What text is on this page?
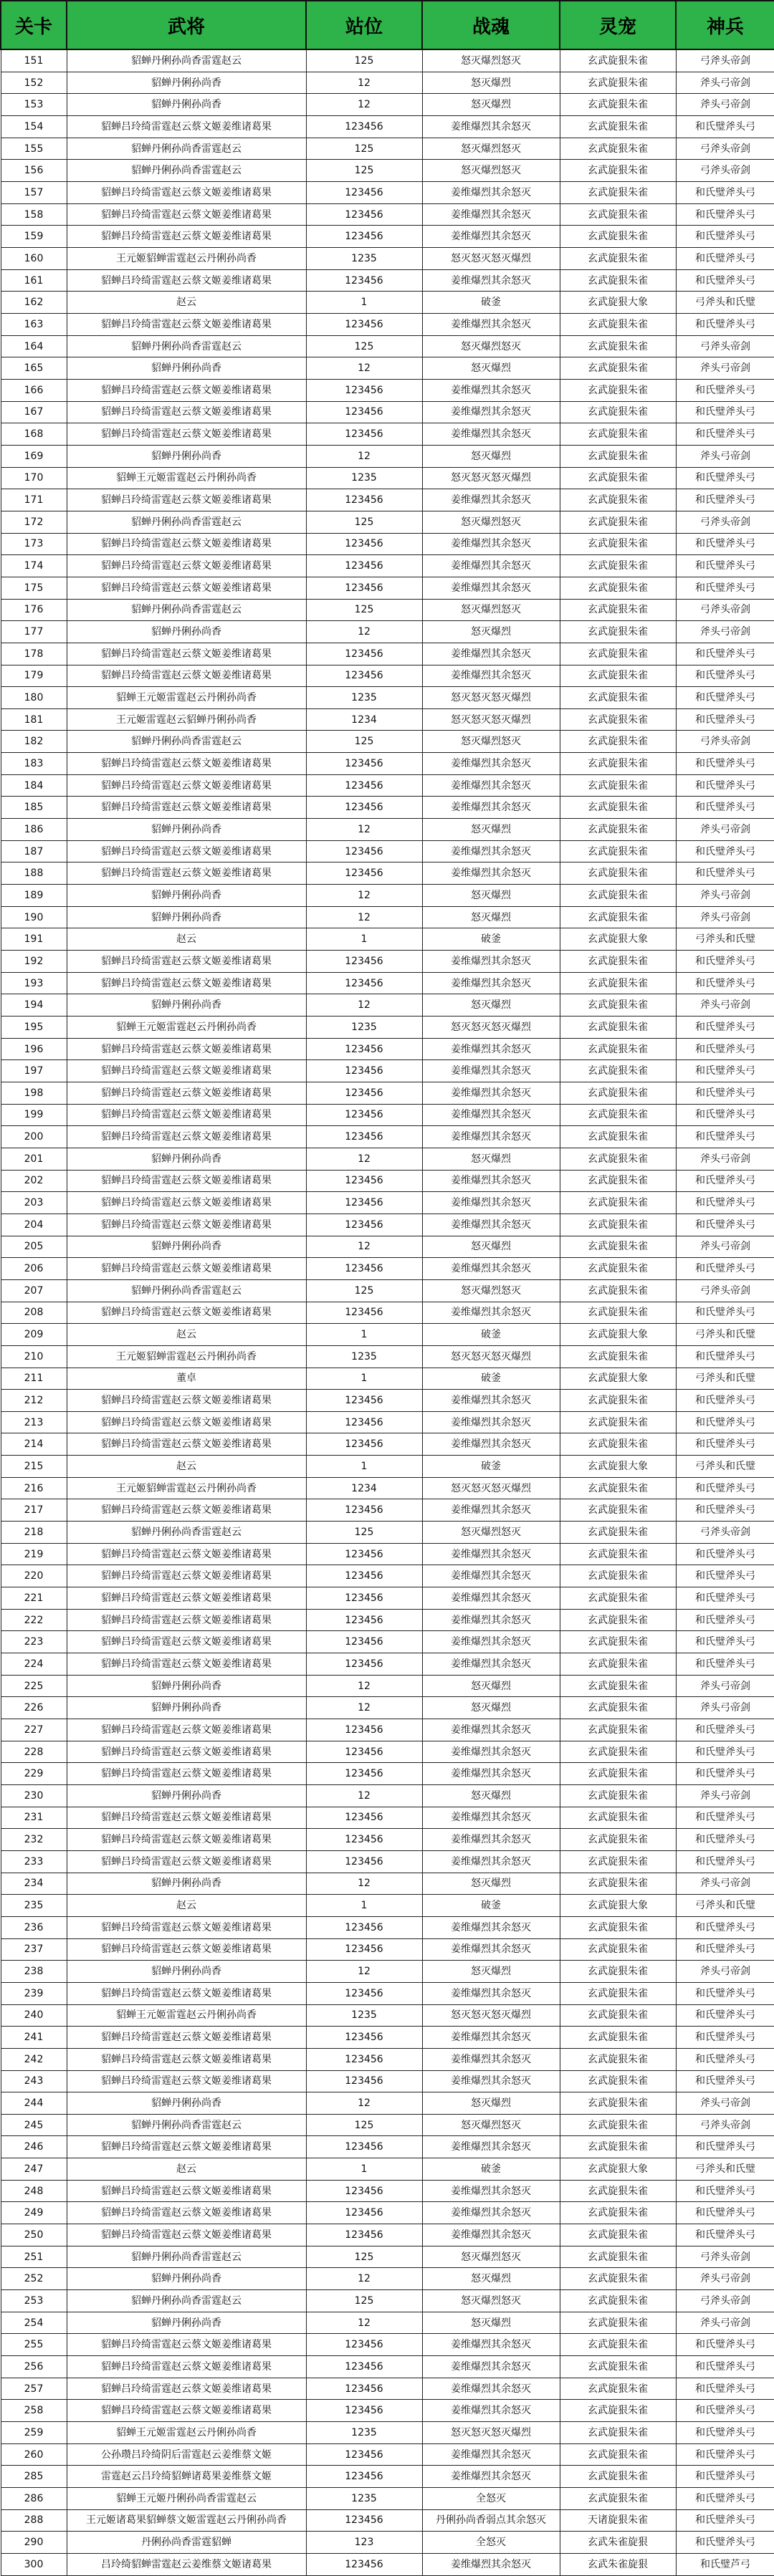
关卡	武将	站位	战魂	灵宠	神兵
151	貂蝉丹俐孙尚香雷霆赵云	125	怒灭爆烈怒灭	玄武旋狠朱雀	弓斧头帝剑
152	貂蝉丹俐孙尚香	12	怒灭爆烈	玄武旋狠朱雀	斧头弓帝剑
153	貂蝉丹俐孙尚香	12	怒灭爆烈	玄武旋狠朱雀	斧头弓帝剑
154	貂蝉吕玲绮雷霆赵云蔡文姬姜维诸葛果	123456	姜维爆烈其余怒灭	玄武旋狠朱雀	和氏璧斧头弓
155	貂蝉丹俐孙尚香雷霆赵云	125	怒灭爆烈怒灭	玄武旋狠朱雀	弓斧头帝剑
156	貂蝉丹俐孙尚香雷霆赵云	125	怒灭爆烈怒灭	玄武旋狠朱雀	弓斧头帝剑
157	貂蝉吕玲绮雷霆赵云蔡文姬姜维诸葛果	123456	姜维爆烈其余怒灭	玄武旋狠朱雀	和氏璧斧头弓
158	貂蝉吕玲绮雷霆赵云蔡文姬姜维诸葛果	123456	姜维爆烈其余怒灭	玄武旋狠朱雀	和氏璧斧头弓
159	貂蝉吕玲绮雷霆赵云蔡文姬姜维诸葛果	123456	姜维爆烈其余怒灭	玄武旋狠朱雀	和氏璧斧头弓
160	王元姬貂蝉雷霆赵云丹俐孙尚香	1235	怒灭怒灭怒灭爆烈	玄武旋狠朱雀	和氏璧斧头弓
161	貂蝉吕玲绮雷霆赵云蔡文姬姜维诸葛果	123456	姜维爆烈其余怒灭	玄武旋狠朱雀	和氏璧斧头弓
162	赵云	1	破釜	玄武旋狠大象	弓斧头和氏璧
163	貂蝉吕玲绮雷霆赵云蔡文姬姜维诸葛果	123456	姜维爆烈其余怒灭	玄武旋狠朱雀	和氏璧斧头弓
164	貂蝉丹俐孙尚香雷霆赵云	125	怒灭爆烈怒灭	玄武旋狠朱雀	弓斧头帝剑
165	貂蝉丹俐孙尚香	12	怒灭爆烈	玄武旋狠朱雀	斧头弓帝剑
166	貂蝉吕玲绮雷霆赵云蔡文姬姜维诸葛果	123456	姜维爆烈其余怒灭	玄武旋狠朱雀	和氏璧斧头弓
167	貂蝉吕玲绮雷霆赵云蔡文姬姜维诸葛果	123456	姜维爆烈其余怒灭	玄武旋狠朱雀	和氏璧斧头弓
168	貂蝉吕玲绮雷霆赵云蔡文姬姜维诸葛果	123456	姜维爆烈其余怒灭	玄武旋狠朱雀	和氏璧斧头弓
169	貂蝉丹俐孙尚香	12	怒灭爆烈	玄武旋狠朱雀	斧头弓帝剑
170	貂蝉王元姬雷霆赵云丹俐孙尚香	1235	怒灭怒灭怒灭爆烈	玄武旋狠朱雀	和氏璧斧头弓
171	貂蝉吕玲绮雷霆赵云蔡文姬姜维诸葛果	123456	姜维爆烈其余怒灭	玄武旋狠朱雀	和氏璧斧头弓
172	貂蝉丹俐孙尚香雷霆赵云	125	怒灭爆烈怒灭	玄武旋狠朱雀	弓斧头帝剑
173	貂蝉吕玲绮雷霆赵云蔡文姬姜维诸葛果	123456	姜维爆烈其余怒灭	玄武旋狠朱雀	和氏璧斧头弓
174	貂蝉吕玲绮雷霆赵云蔡文姬姜维诸葛果	123456	姜维爆烈其余怒灭	玄武旋狠朱雀	和氏璧斧头弓
175	貂蝉吕玲绮雷霆赵云蔡文姬姜维诸葛果	123456	姜维爆烈其余怒灭	玄武旋狠朱雀	和氏璧斧头弓
176	貂蝉丹俐孙尚香雷霆赵云	125	怒灭爆烈怒灭	玄武旋狠朱雀	弓斧头帝剑
177	貂蝉丹俐孙尚香	12	怒灭爆烈	玄武旋狠朱雀	斧头弓帝剑
178	貂蝉吕玲绮雷霆赵云蔡文姬姜维诸葛果	123456	姜维爆烈其余怒灭	玄武旋狠朱雀	和氏璧斧头弓
179	貂蝉吕玲绮雷霆赵云蔡文姬姜维诸葛果	123456	姜维爆烈其余怒灭	玄武旋狠朱雀	和氏璧斧头弓
180	貂蝉王元姬雷霆赵云丹俐孙尚香	1235	怒灭怒灭怒灭爆烈	玄武旋狠朱雀	和氏璧斧头弓
181	王元姬雷霆赵云貂蝉丹俐孙尚香	1234	怒灭怒灭怒灭爆烈	玄武旋狠朱雀	和氏璧斧头弓
182	貂蝉丹俐孙尚香雷霆赵云	125	怒灭爆烈怒灭	玄武旋狠朱雀	弓斧头帝剑
183	貂蝉吕玲绮雷霆赵云蔡文姬姜维诸葛果	123456	姜维爆烈其余怒灭	玄武旋狠朱雀	和氏璧斧头弓
184	貂蝉吕玲绮雷霆赵云蔡文姬姜维诸葛果	123456	姜维爆烈其余怒灭	玄武旋狠朱雀	和氏璧斧头弓
185	貂蝉吕玲绮雷霆赵云蔡文姬姜维诸葛果	123456	姜维爆烈其余怒灭	玄武旋狠朱雀	和氏璧斧头弓
186	貂蝉丹俐孙尚香	12	怒灭爆烈	玄武旋狠朱雀	斧头弓帝剑
187	貂蝉吕玲绮雷霆赵云蔡文姬姜维诸葛果	123456	姜维爆烈其余怒灭	玄武旋狠朱雀	和氏璧斧头弓
188	貂蝉吕玲绮雷霆赵云蔡文姬姜维诸葛果	123456	姜维爆烈其余怒灭	玄武旋狠朱雀	和氏璧斧头弓
189	貂蝉丹俐孙尚香	12	怒灭爆烈	玄武旋狠朱雀	斧头弓帝剑
190	貂蝉丹俐孙尚香	12	怒灭爆烈	玄武旋狠朱雀	斧头弓帝剑
191	赵云	1	破釜	玄武旋狠大象	弓斧头和氏璧
192	貂蝉吕玲绮雷霆赵云蔡文姬姜维诸葛果	123456	姜维爆烈其余怒灭	玄武旋狠朱雀	和氏璧斧头弓
193	貂蝉吕玲绮雷霆赵云蔡文姬姜维诸葛果	123456	姜维爆烈其余怒灭	玄武旋狠朱雀	和氏璧斧头弓
194	貂蝉丹俐孙尚香	12	怒灭爆烈	玄武旋狠朱雀	斧头弓帝剑
195	貂蝉王元姬雷霆赵云丹俐孙尚香	1235	怒灭怒灭怒灭爆烈	玄武旋狠朱雀	和氏璧斧头弓
196	貂蝉吕玲绮雷霆赵云蔡文姬姜维诸葛果	123456	姜维爆烈其余怒灭	玄武旋狠朱雀	和氏璧斧头弓
197	貂蝉吕玲绮雷霆赵云蔡文姬姜维诸葛果	123456	姜维爆烈其余怒灭	玄武旋狠朱雀	和氏璧斧头弓
198	貂蝉吕玲绮雷霆赵云蔡文姬姜维诸葛果	123456	姜维爆烈其余怒灭	玄武旋狠朱雀	和氏璧斧头弓
199	貂蝉吕玲绮雷霆赵云蔡文姬姜维诸葛果	123456	姜维爆烈其余怒灭	玄武旋狠朱雀	和氏璧斧头弓
200	貂蝉吕玲绮雷霆赵云蔡文姬姜维诸葛果	123456	姜维爆烈其余怒灭	玄武旋狠朱雀	和氏璧斧头弓
201	貂蝉丹俐孙尚香	12	怒灭爆烈	玄武旋狠朱雀	斧头弓帝剑
202	貂蝉吕玲绮雷霆赵云蔡文姬姜维诸葛果	123456	姜维爆烈其余怒灭	玄武旋狠朱雀	和氏璧斧头弓
203	貂蝉吕玲绮雷霆赵云蔡文姬姜维诸葛果	123456	姜维爆烈其余怒灭	玄武旋狠朱雀	和氏璧斧头弓
204	貂蝉吕玲绮雷霆赵云蔡文姬姜维诸葛果	123456	姜维爆烈其余怒灭	玄武旋狠朱雀	和氏璧斧头弓
205	貂蝉丹俐孙尚香	12	怒灭爆烈	玄武旋狠朱雀	斧头弓帝剑
206	貂蝉吕玲绮雷霆赵云蔡文姬姜维诸葛果	123456	姜维爆烈其余怒灭	玄武旋狠朱雀	和氏璧斧头弓
207	貂蝉丹俐孙尚香雷霆赵云	125	怒灭爆烈怒灭	玄武旋狠朱雀	弓斧头帝剑
208	貂蝉吕玲绮雷霆赵云蔡文姬姜维诸葛果	123456	姜维爆烈其余怒灭	玄武旋狠朱雀	和氏璧斧头弓
209	赵云	1	破釜	玄武旋狠大象	弓斧头和氏璧
210	王元姬貂蝉雷霆赵云丹俐孙尚香	1235	怒灭怒灭怒灭爆烈	玄武旋狠朱雀	和氏璧斧头弓
211	董卓	1	破釜	玄武旋狠大象	弓斧头和氏璧
212	貂蝉吕玲绮雷霆赵云蔡文姬姜维诸葛果	123456	姜维爆烈其余怒灭	玄武旋狠朱雀	和氏璧斧头弓
213	貂蝉吕玲绮雷霆赵云蔡文姬姜维诸葛果	123456	姜维爆烈其余怒灭	玄武旋狠朱雀	和氏璧斧头弓
214	貂蝉吕玲绮雷霆赵云蔡文姬姜维诸葛果	123456	姜维爆烈其余怒灭	玄武旋狠朱雀	和氏璧斧头弓
215	赵云	1	破釜	玄武旋狠大象	弓斧头和氏璧
216	王元姬貂蝉雷霆赵云丹俐孙尚香	1234	怒灭怒灭怒灭爆烈	玄武旋狠朱雀	和氏璧斧头弓
217	貂蝉吕玲绮雷霆赵云蔡文姬姜维诸葛果	123456	姜维爆烈其余怒灭	玄武旋狠朱雀	和氏璧斧头弓
218	貂蝉丹俐孙尚香雷霆赵云	125	怒灭爆烈怒灭	玄武旋狠朱雀	弓斧头帝剑
219	貂蝉吕玲绮雷霆赵云蔡文姬姜维诸葛果	123456	姜维爆烈其余怒灭	玄武旋狠朱雀	和氏璧斧头弓
220	貂蝉吕玲绮雷霆赵云蔡文姬姜维诸葛果	123456	姜维爆烈其余怒灭	玄武旋狠朱雀	和氏璧斧头弓
221	貂蝉吕玲绮雷霆赵云蔡文姬姜维诸葛果	123456	姜维爆烈其余怒灭	玄武旋狠朱雀	和氏璧斧头弓
222	貂蝉吕玲绮雷霆赵云蔡文姬姜维诸葛果	123456	姜维爆烈其余怒灭	玄武旋狠朱雀	和氏璧斧头弓
223	貂蝉吕玲绮雷霆赵云蔡文姬姜维诸葛果	123456	姜维爆烈其余怒灭	玄武旋狠朱雀	和氏璧斧头弓
224	貂蝉吕玲绮雷霆赵云蔡文姬姜维诸葛果	123456	姜维爆烈其余怒灭	玄武旋狠朱雀	和氏璧斧头弓
225	貂蝉丹俐孙尚香	12	怒灭爆烈	玄武旋狠朱雀	斧头弓帝剑
226	貂蝉丹俐孙尚香	12	怒灭爆烈	玄武旋狠朱雀	斧头弓帝剑
227	貂蝉吕玲绮雷霆赵云蔡文姬姜维诸葛果	123456	姜维爆烈其余怒灭	玄武旋狠朱雀	和氏璧斧头弓
228	貂蝉吕玲绮雷霆赵云蔡文姬姜维诸葛果	123456	姜维爆烈其余怒灭	玄武旋狠朱雀	和氏璧斧头弓
229	貂蝉吕玲绮雷霆赵云蔡文姬姜维诸葛果	123456	姜维爆烈其余怒灭	玄武旋狠朱雀	和氏璧斧头弓
230	貂蝉丹俐孙尚香	12	怒灭爆烈	玄武旋狠朱雀	斧头弓帝剑
231	貂蝉吕玲绮雷霆赵云蔡文姬姜维诸葛果	123456	姜维爆烈其余怒灭	玄武旋狠朱雀	和氏璧斧头弓
232	貂蝉吕玲绮雷霆赵云蔡文姬姜维诸葛果	123456	姜维爆烈其余怒灭	玄武旋狠朱雀	和氏璧斧头弓
233	貂蝉吕玲绮雷霆赵云蔡文姬姜维诸葛果	123456	姜维爆烈其余怒灭	玄武旋狠朱雀	和氏璧斧头弓
234	貂蝉丹俐孙尚香	12	怒灭爆烈	玄武旋狠朱雀	斧头弓帝剑
235	赵云	1	破釜	玄武旋狠大象	弓斧头和氏璧
236	貂蝉吕玲绮雷霆赵云蔡文姬姜维诸葛果	123456	姜维爆烈其余怒灭	玄武旋狠朱雀	和氏璧斧头弓
237	貂蝉吕玲绮雷霆赵云蔡文姬姜维诸葛果	123456	姜维爆烈其余怒灭	玄武旋狠朱雀	和氏璧斧头弓
238	貂蝉丹俐孙尚香	12	怒灭爆烈	玄武旋狠朱雀	斧头弓帝剑
239	貂蝉吕玲绮雷霆赵云蔡文姬姜维诸葛果	123456	姜维爆烈其余怒灭	玄武旋狠朱雀	和氏璧斧头弓
240	貂蝉王元姬雷霆赵云丹俐孙尚香	1235	怒灭怒灭怒灭爆烈	玄武旋狠朱雀	和氏璧斧头弓
241	貂蝉吕玲绮雷霆赵云蔡文姬姜维诸葛果	123456	姜维爆烈其余怒灭	玄武旋狠朱雀	和氏璧斧头弓
242	貂蝉吕玲绮雷霆赵云蔡文姬姜维诸葛果	123456	姜维爆烈其余怒灭	玄武旋狠朱雀	和氏璧斧头弓
243	貂蝉吕玲绮雷霆赵云蔡文姬姜维诸葛果	123456	姜维爆烈其余怒灭	玄武旋狠朱雀	和氏璧斧头弓
244	貂蝉丹俐孙尚香	12	怒灭爆烈	玄武旋狠朱雀	斧头弓帝剑
245	貂蝉丹俐孙尚香雷霆赵云	125	怒灭爆烈怒灭	玄武旋狠朱雀	弓斧头帝剑
246	貂蝉吕玲绮雷霆赵云蔡文姬姜维诸葛果	123456	姜维爆烈其余怒灭	玄武旋狠朱雀	和氏璧斧头弓
247	赵云	1	破釜	玄武旋狠大象	弓斧头和氏璧
248	貂蝉吕玲绮雷霆赵云蔡文姬姜维诸葛果	123456	姜维爆烈其余怒灭	玄武旋狠朱雀	和氏璧斧头弓
249	貂蝉吕玲绮雷霆赵云蔡文姬姜维诸葛果	123456	姜维爆烈其余怒灭	玄武旋狠朱雀	和氏璧斧头弓
250	貂蝉吕玲绮雷霆赵云蔡文姬姜维诸葛果	123456	姜维爆烈其余怒灭	玄武旋狠朱雀	和氏璧斧头弓
251	貂蝉丹俐孙尚香雷霆赵云	125	怒灭爆烈怒灭	玄武旋狠朱雀	弓斧头帝剑
252	貂蝉丹俐孙尚香	12	怒灭爆烈	玄武旋狠朱雀	斧头弓帝剑
253	貂蝉丹俐孙尚香雷霆赵云	125	怒灭爆烈怒灭	玄武旋狠朱雀	弓斧头帝剑
254	貂蝉丹俐孙尚香	12	怒灭爆烈	玄武旋狠朱雀	斧头弓帝剑
255	貂蝉吕玲绮雷霆赵云蔡文姬姜维诸葛果	123456	姜维爆烈其余怒灭	玄武旋狠朱雀	和氏璧斧头弓
256	貂蝉吕玲绮雷霆赵云蔡文姬姜维诸葛果	123456	姜维爆烈其余怒灭	玄武旋狠朱雀	和氏璧斧头弓
257	貂蝉吕玲绮雷霆赵云蔡文姬姜维诸葛果	123456	姜维爆烈其余怒灭	玄武旋狠朱雀	和氏璧斧头弓
258	貂蝉吕玲绮雷霆赵云蔡文姬姜维诸葛果	123456	姜维爆烈其余怒灭	玄武旋狠朱雀	和氏璧斧头弓
259	貂蝉王元姬雷霆赵云丹俐孙尚香	1235	怒灭怒灭怒灭爆烈	玄武旋狠朱雀	和氏璧斧头弓
260	公孙瓒吕玲绮阴后雷霆赵云姜维蔡文姬	123456	姜维爆烈其余怒灭	玄武旋狠朱雀	和氏璧斧头弓
285	雷霆赵云吕玲绮貂蝉诸葛果姜维蔡文姬	123456	姜维爆烈其余怒灭	玄武旋狠朱雀	和氏璧斧头弓
286	貂蝉王元姬丹俐孙尚香雷霆赵云	1235	全怒灭	玄武旋狠朱雀	和氏璧斧头弓
288	王元姬诸葛果貂蝉蔡文姬雷霆赵云丹俐孙尚香	123456	丹俐孙尚香弱点其余怒灭	天诸旋狠朱雀	和氏璧斧头弓
290	丹俐孙尚香雷霆貂蝉	123	全怒灭	玄武朱雀旋狠	和氏璧斧头弓
300	吕玲绮貂蝉雷霆赵云姜维蔡文姬诸葛果	123456	姜维爆烈其余怒灭	玄武朱雀旋狠	和氏璧芦弓
